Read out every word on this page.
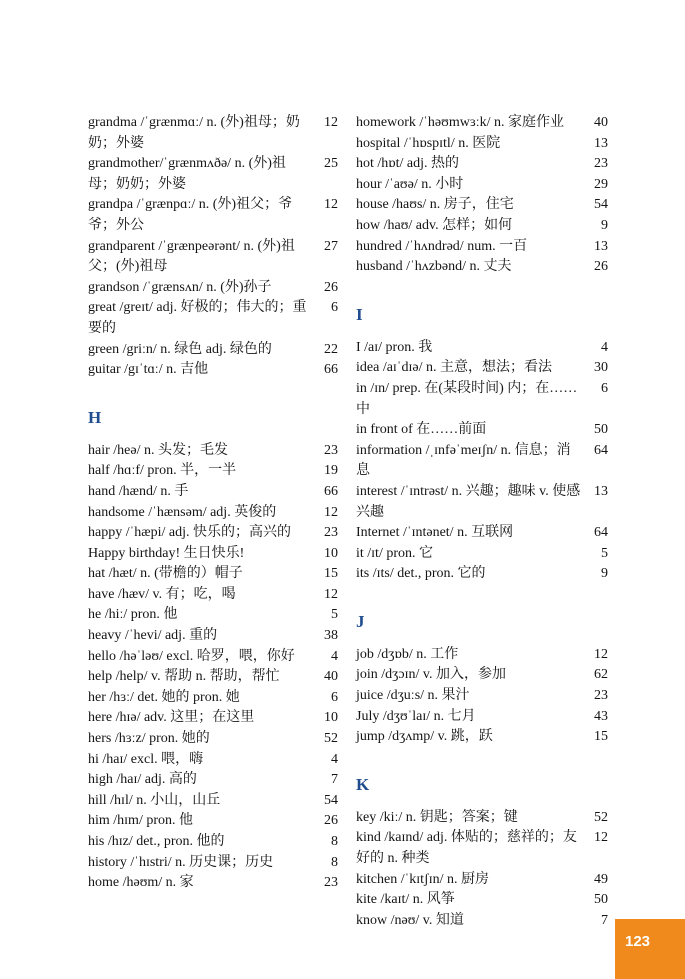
grandma /ˈgrænmɑː/ n. (外)祖母；奶奶；外婆
12
grandmother/ˈgrænmʌðə/ n. (外)祖母；奶奶；外婆
25
grandpa /ˈgrænpɑː/ n. (外)祖父；爷爷；外公
12
grandparent /ˈgrænpeərənt/ n. (外)祖父；(外)祖母
27
grandson /ˈgrænsʌn/ n. (外)孙子	26
great /greɪt/ adj. 好极的；伟大的；重要的
6
green /griːn/ n. 绿色 adj. 绿色的	22
guitar /gɪˈtɑː/ n. 吉他	66
H
hair /heə/ n. 头发；毛发	23
half /hɑːf/ pron. 半，一半	19
hand /hænd/ n. 手	66
handsome /ˈhænsəm/ adj. 英俊的	12
happy /ˈhæpi/ adj. 快乐的；高兴的	23
Happy birthday! 生日快乐!	10
hat /hæt/ n. (带檐的）帽子	15
have /hæv/ v. 有；吃，喝	12
he /hiː/ pron. 他	5
heavy /ˈhevi/ adj. 重的	38
hello /həˈləʊ/ excl. 哈罗，喂，你好	4
help /help/ v. 帮助 n. 帮助，帮忙	40
her /hɜː/ det. 她的 pron. 她	6
here /hɪə/ adv. 这里；在这里	10
hers /hɜːz/ pron. 她的	52
hi /haɪ/ excl. 喂，嗨	4
high /haɪ/ adj. 高的	7
hill /hɪl/ n. 小山，山丘	54
him /hɪm/ pron. 他	26
his /hɪz/ det., pron. 他的	8
history /ˈhɪstri/ n. 历史课；历史	8
home /həʊm/ n. 家	23
homework /ˈhəʊmwɜːk/ n. 家庭作业	40
hospital /ˈhɒspɪtl/ n. 医院	13
hot /hɒt/ adj. 热的	23
hour /ˈaʊə/ n. 小时	29
house /haʊs/ n. 房子，住宅	54
how /haʊ/ adv. 怎样；如何	9
hundred /ˈhʌndrəd/ num. 一百	13
husband /ˈhʌzbənd/ n. 丈夫	26
I
I /aɪ/ pron. 我	4
idea /aɪˈdɪə/ n. 主意，想法；看法	30
in /ɪn/ prep. 在(某段时间) 内；在……中
6
in front of 在……前面	50
information /ˌɪnfəˈmeɪʃn/ n. 信息；消息
64
interest /ˈɪntrəst/ n. 兴趣；趣味 v. 使感兴趣
13
Internet /ˈɪntənet/ n. 互联网	64
it /ɪt/ pron. 它	5
its /ɪts/ det., pron. 它的	9
J
job /dʒɒb/ n. 工作	12
join /dʒɔɪn/ v. 加入，参加	62
juice /dʒuːs/ n. 果汁	23
July /dʒʊˈlaɪ/ n. 七月	43
jump /dʒʌmp/ v. 跳，跃	15
K
key /kiː/ n. 钥匙；答案；键	52
kind /kaɪnd/ adj. 体贴的；慈祥的；友好的 n. 种类
12
kitchen /ˈkɪtʃɪn/ n. 厨房	49
kite /kaɪt/ n. 风筝	50
know /nəʊ/ v. 知道	7
123
